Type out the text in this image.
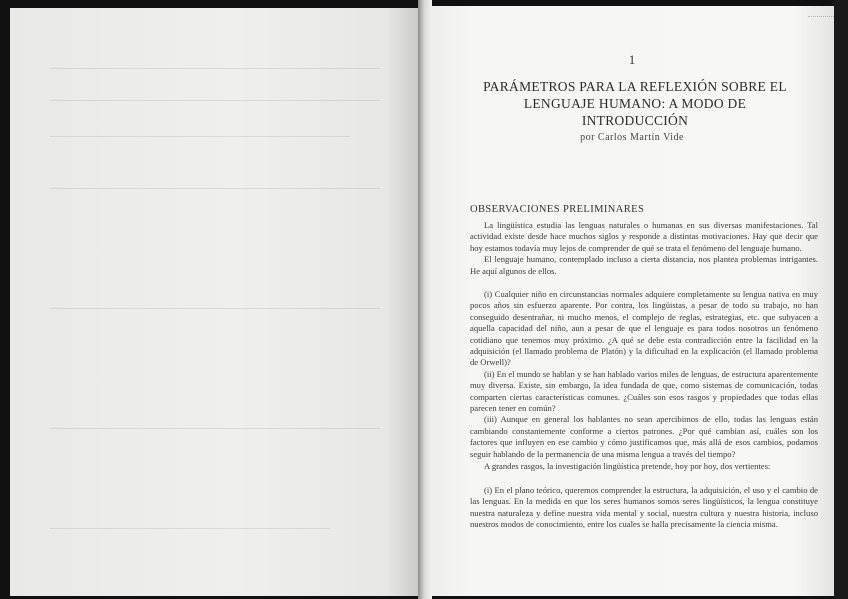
1
PARÁMETROS PARA LA REFLEXIÓN SOBRE EL LENGUAJE HUMANO: A MODO DE INTRODUCCIÓN
por Carlos Martín Vide
OBSERVACIONES PRELIMINARES

La lingüística estudia las lenguas naturales o humanas en sus diversas manifestaciones. Tal actividad existe desde hace muchos siglos y responde a distintas motivaciones. Hay que decir que hoy estamos todavía muy lejos de comprender de qué se trata el fenómeno del lenguaje humano.

El lenguaje humano, contemplado incluso a cierta distancia, nos plantea problemas intrigantes. He aquí algunos de ellos.

(i) Cualquier niño en circunstancias normales adquiere completamente su lengua nativa en muy pocos años sin esfuerzo aparente. Por contra, los lingüistas, a pesar de todo su trabajo, no han conseguido desentrañar, ni mucho menos, el complejo de reglas, estrategias, etc. que subyacen a aquella capacidad del niño, aun a pesar de que el lenguaje es para todos nosotros un fenómeno cotidiano que tenemos muy próximo. ¿A qué se debe esta contradicción entre la facilidad en la adquisición (el llamado problema de Platón) y la dificultad en la explicación (el llamado problema de Orwell)?

(ii) En el mundo se hablan y se han hablado varios miles de lenguas, de estructura aparentemente muy diversa. Existe, sin embargo, la idea fundada de que, como sistemas de comunicación, todas comparten ciertas características comunes. ¿Cuáles son esos rasgos y propiedades que todas ellas parecen tener en común?

(iii) Aunque en general los hablantes no sean apercibimos de ello, todas las lenguas están cambiando constantemente conforme a ciertos patrones. ¿Por qué cambian así, cuáles son los factores que influyen en ese cambio y cómo justificamos que, más allá de esos cambios, podamos seguir hablando de la permanencia de una misma lengua a través del tiempo?

A grandes rasgos, la investigación lingüística pretende, hoy por hoy, dos vertientes:

(i) En el plano teórico, queremos comprender la estructura, la adquisición, el uso y el cambio de las lenguas. En la medida en que los seres humanos somos seres lingüísticos, la lengua constituye nuestra naturaleza y define nuestra vida mental y social, nuestra cultura y nuestra historia, incluso nuestros modos de conocimiento, entre los cuales se halla precisamente la ciencia misma.
